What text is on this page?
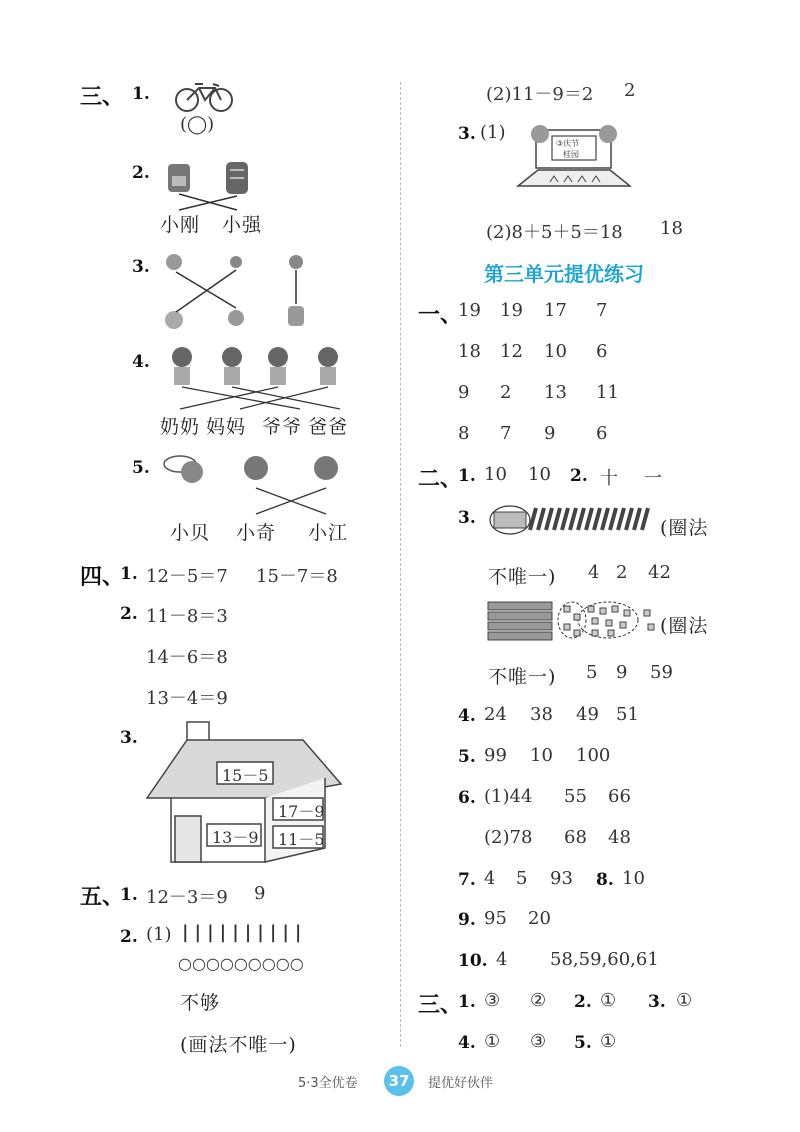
三、 1.
(◯)
2.
小刚 小强
3.
4.
奶奶 妈妈 爷爷 爸爸
5.
小贝 小奇 小江
四、
1. 12－5＝7 15－7＝8
2. 11－8＝3
14－6＝8
13－4＝9
3.
15－5
17－9
13－9 11－5
五、
1. 12－3＝9 9
2. (1) ||||||||||
○○○○○○○○○
不够
(画法不唯一)
(2)11－9＝2 2
3. (1)
③庆节
桂园
(2)8＋5＋5＝18 18
第三单元提优练习
一、
19 19 17 7
18 12 10 6
9 2 13 11
8 7 9 6
二、
1. 10 10 2. 十 一
3.	(圈法
不唯一) 4 2 42
(圈法
不唯一) 5 9 59
4. 24 38 49 51
5. 99 10 100
6. (1)44 55 66
(2)78 68 48
7. 4 5 93 8. 10
9. 95 20
10. 4 58,59,60,61
三、
1. ③ ② 2. ① 3. ①
4. ① ③ 5. ①
5·3全优卷	37	提优好伙伴
